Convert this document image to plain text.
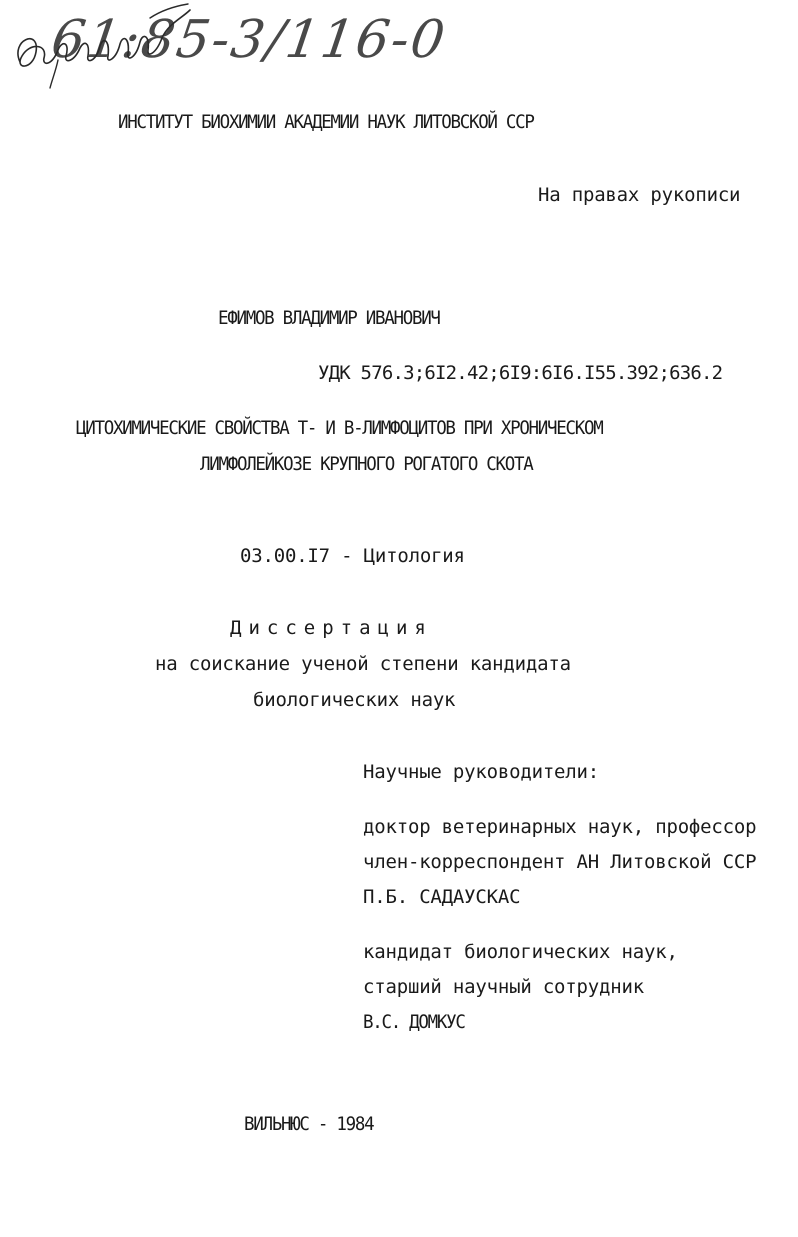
61:85-3/116-0
ИНСТИТУТ БИОХИМИИ АКАДЕМИИ НАУК ЛИТОВСКОЙ ССР
На правах рукописи
ЕФИМОВ ВЛАДИМИР ИВАНОВИЧ
УДК 576.3;6I2.42;6I9:6I6.I55.392;636.2
ЦИТОХИМИЧЕСКИЕ СВОЙСТВА Т- И В-ЛИМФОЦИТОВ ПРИ ХРОНИЧЕСКОМ
ЛИМФОЛЕЙКОЗЕ КРУПНОГО РОГАТОГО СКОТА
03.00.I7 - Цитология
Диссертация
на соискание ученой степени кандидата
биологических наук
Научные руководители:
доктор ветеринарных наук, профессор
член-корреспондент АН Литовской ССР
П.Б. САДАУСКАС
кандидат биологических наук,
старший научный сотрудник
В.С. ДОМКУС
ВИЛЬНЮС - 1984
